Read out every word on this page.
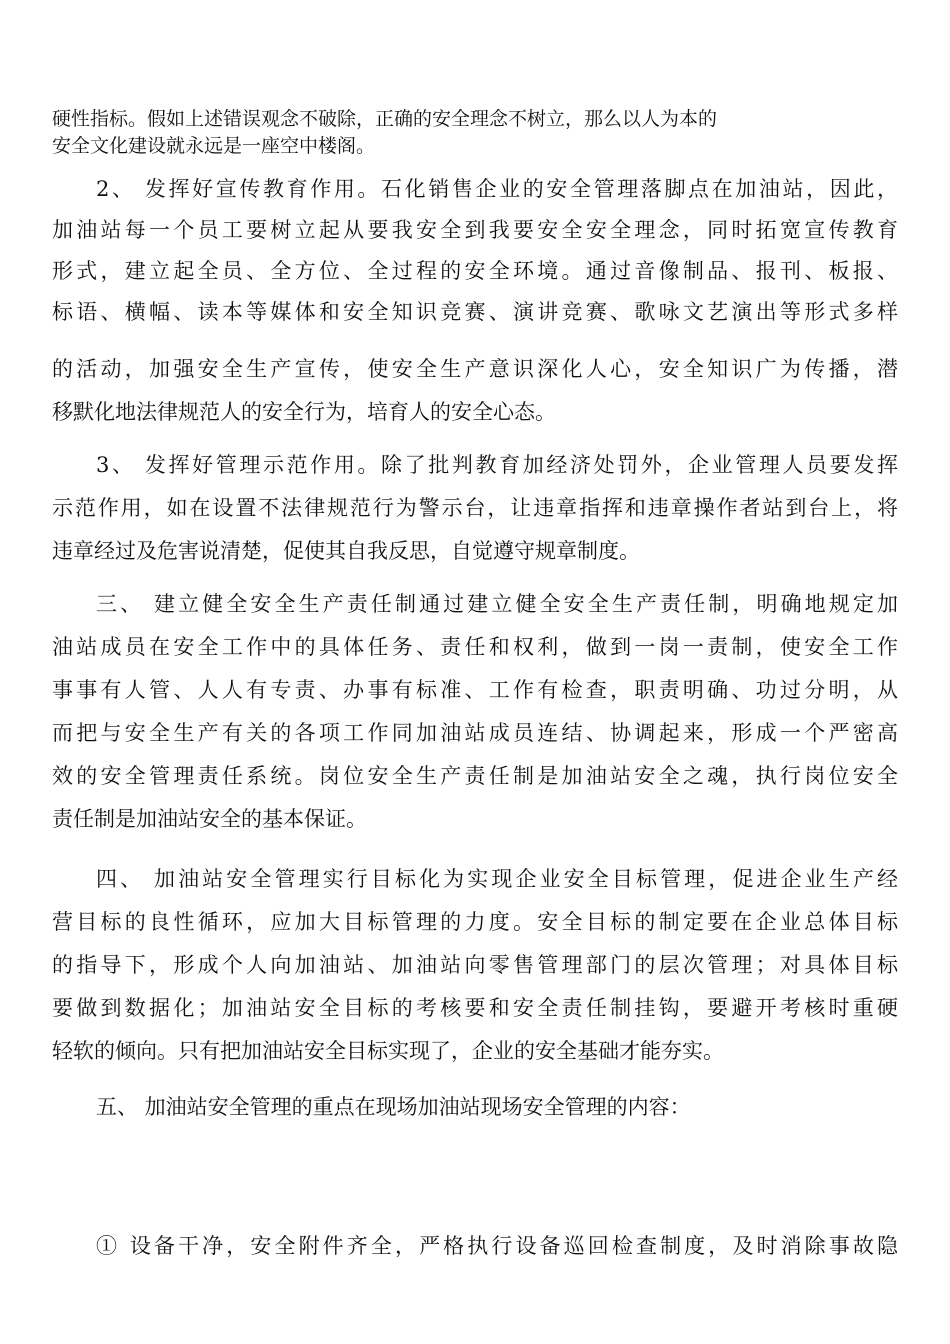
硬性指标。假如上述错误观念不破除，正确的安全理念不树立，那么以人为本的
安全文化建设就永远是一座空中楼阁。
2、 发挥好宣传教育作用。石化销售企业的安全管理落脚点在加油站，因此，
加油站每一个员工要树立起从要我安全到我要安全安全理念，同时拓宽宣传教育
形式，建立起全员、全方位、全过程的安全环境。通过音像制品、报刊、板报、
标语、横幅、读本等媒体和安全知识竞赛、演讲竞赛、歌咏文艺演出等形式多样
的活动，加强安全生产宣传，使安全生产意识深化人心，安全知识广为传播，潜
移默化地法律规范人的安全行为，培育人的安全心态。
3、 发挥好管理示范作用。除了批判教育加经济处罚外，企业管理人员要发挥
示范作用，如在设置不法律规范行为警示台，让违章指挥和违章操作者站到台上，将
违章经过及危害说清楚，促使其自我反思，自觉遵守规章制度。
三、 建立健全安全生产责任制通过建立健全安全生产责任制，明确地规定加
油站成员在安全工作中的具体任务、责任和权利，做到一岗一责制，使安全工作
事事有人管、人人有专责、办事有标准、工作有检查，职责明确、功过分明，从
而把与安全生产有关的各项工作同加油站成员连结、协调起来，形成一个严密高
效的安全管理责任系统。岗位安全生产责任制是加油站安全之魂，执行岗位安全
责任制是加油站安全的基本保证。
四、 加油站安全管理实行目标化为实现企业安全目标管理，促进企业生产经
营目标的良性循环，应加大目标管理的力度。安全目标的制定要在企业总体目标
的指导下，形成个人向加油站、加油站向零售管理部门的层次管理；对具体目标
要做到数据化；加油站安全目标的考核要和安全责任制挂钩，要避开考核时重硬
轻软的倾向。只有把加油站安全目标实现了，企业的安全基础才能夯实。
五、 加油站安全管理的重点在现场加油站现场安全管理的内容：
① 设备干净，安全附件齐全，严格执行设备巡回检查制度，及时消除事故隐
